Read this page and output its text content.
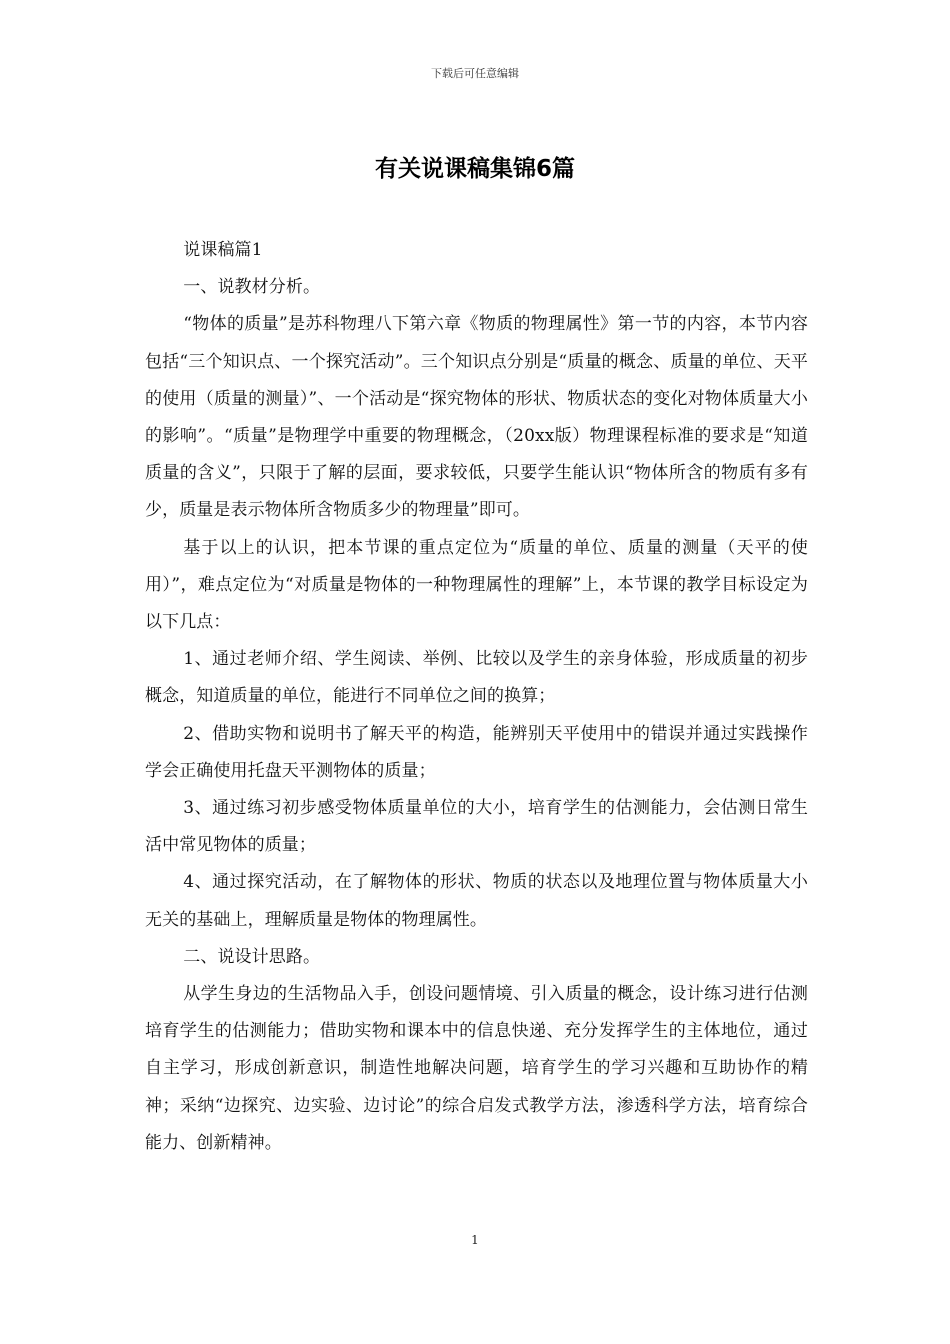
下载后可任意编辑
有关说课稿集锦6篇

说课稿篇1

一、说教材分析。

“物体的质量”是苏科物理八下第六章《物质的物理属性》第一节的内容，本节内容包括“三个知识点、一个探究活动”。三个知识点分别是“质量的概念、质量的单位、天平的使用（质量的测量）”、一个活动是“探究物体的形状、物质状态的变化对物体质量大小的影响”。“质量”是物理学中重要的物理概念，（20xx版）物理课程标准的要求是“知道质量的含义”，只限于了解的层面，要求较低，只要学生能认识“物体所含的物质有多有少，质量是表示物体所含物质多少的物理量”即可。

基于以上的认识，把本节课的重点定位为“质量的单位、质量的测量（天平的使用）”，难点定位为“对质量是物体的一种物理属性的理解”上，本节课的教学目标设定为以下几点：

1、通过老师介绍、学生阅读、举例、比较以及学生的亲身体验，形成质量的初步概念，知道质量的单位，能进行不同单位之间的换算；

2、借助实物和说明书了解天平的构造，能辨别天平使用中的错误并通过实践操作学会正确使用托盘天平测物体的质量；

3、通过练习初步感受物体质量单位的大小，培育学生的估测能力，会估测日常生活中常见物体的质量；

4、通过探究活动，在了解物体的形状、物质的状态以及地理位置与物体质量大小无关的基础上，理解质量是物体的物理属性。

二、说设计思路。

从学生身边的生活物品入手，创设问题情境、引入质量的概念，设计练习进行估测培育学生的估测能力；借助实物和课本中的信息快递、充分发挥学生的主体地位，通过自主学习，形成创新意识，制造性地解决问题，培育学生的学习兴趣和互助协作的精神；采纳“边探究、边实验、边讨论”的综合启发式教学方法，渗透科学方法，培育综合能力、创新精神。

1
